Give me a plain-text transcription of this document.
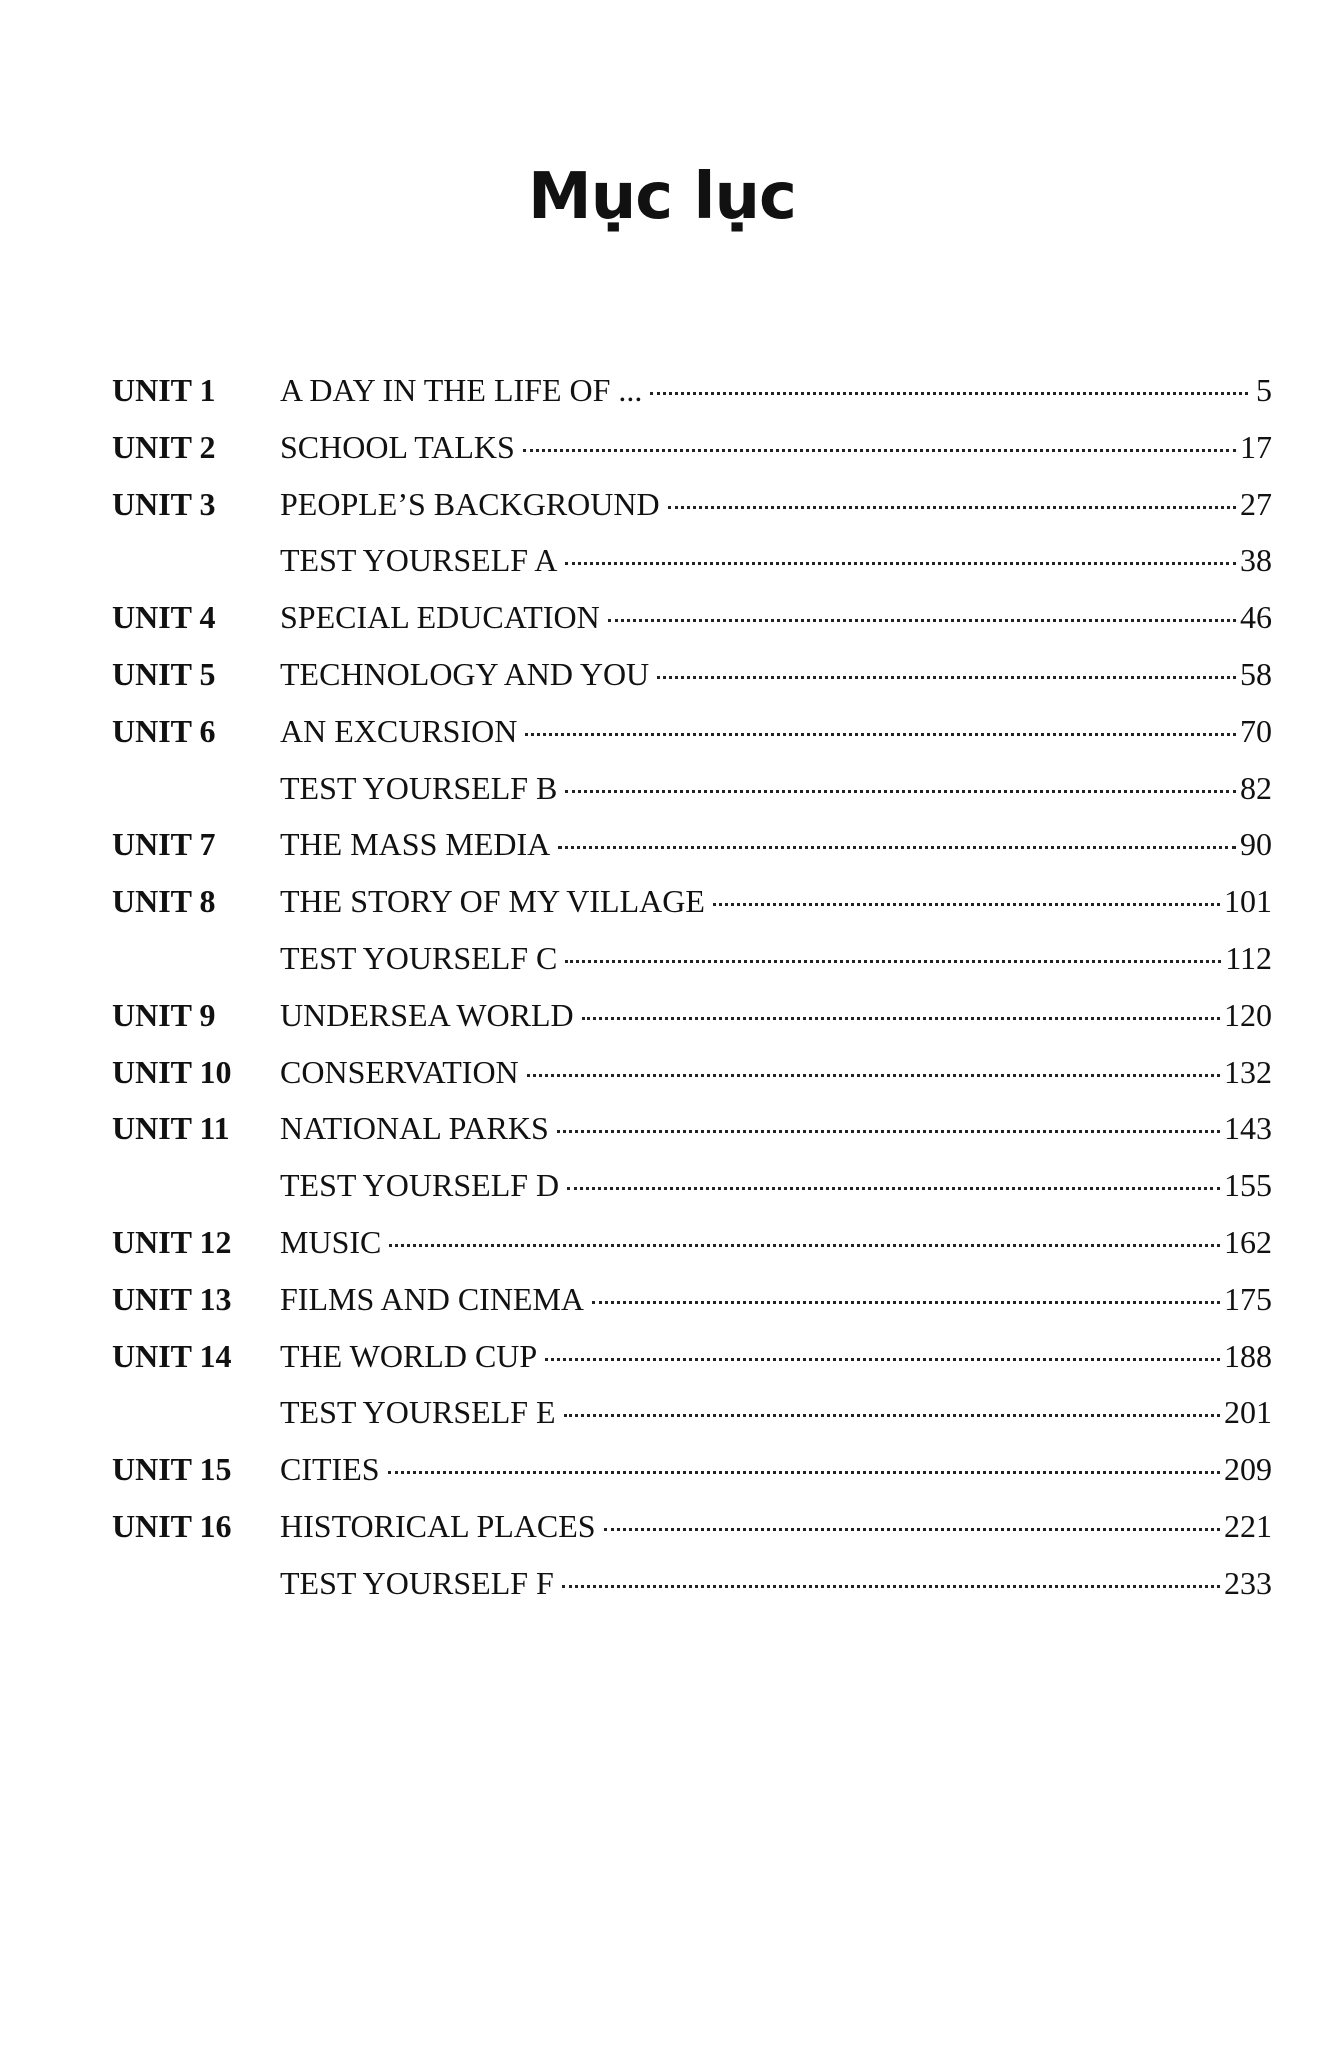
Mục lục
UNIT 1	A DAY IN THE LIFE OF ...	5
UNIT 2	SCHOOL TALKS	17
UNIT 3	PEOPLE’S BACKGROUND	27
TEST YOURSELF A	38
UNIT 4	SPECIAL EDUCATION	46
UNIT 5	TECHNOLOGY AND YOU	58
UNIT 6	AN EXCURSION	70
TEST YOURSELF B	82
UNIT 7	THE MASS MEDIA	90
UNIT 8	THE STORY OF MY VILLAGE	101
TEST YOURSELF C	112
UNIT 9	UNDERSEA WORLD	120
UNIT 10	CONSERVATION	132
UNIT 11	NATIONAL PARKS	143
TEST YOURSELF D	155
UNIT 12	MUSIC	162
UNIT 13	FILMS AND CINEMA	175
UNIT 14	THE WORLD CUP	188
TEST YOURSELF E	201
UNIT 15	CITIES	209
UNIT 16	HISTORICAL PLACES	221
TEST YOURSELF F	233
